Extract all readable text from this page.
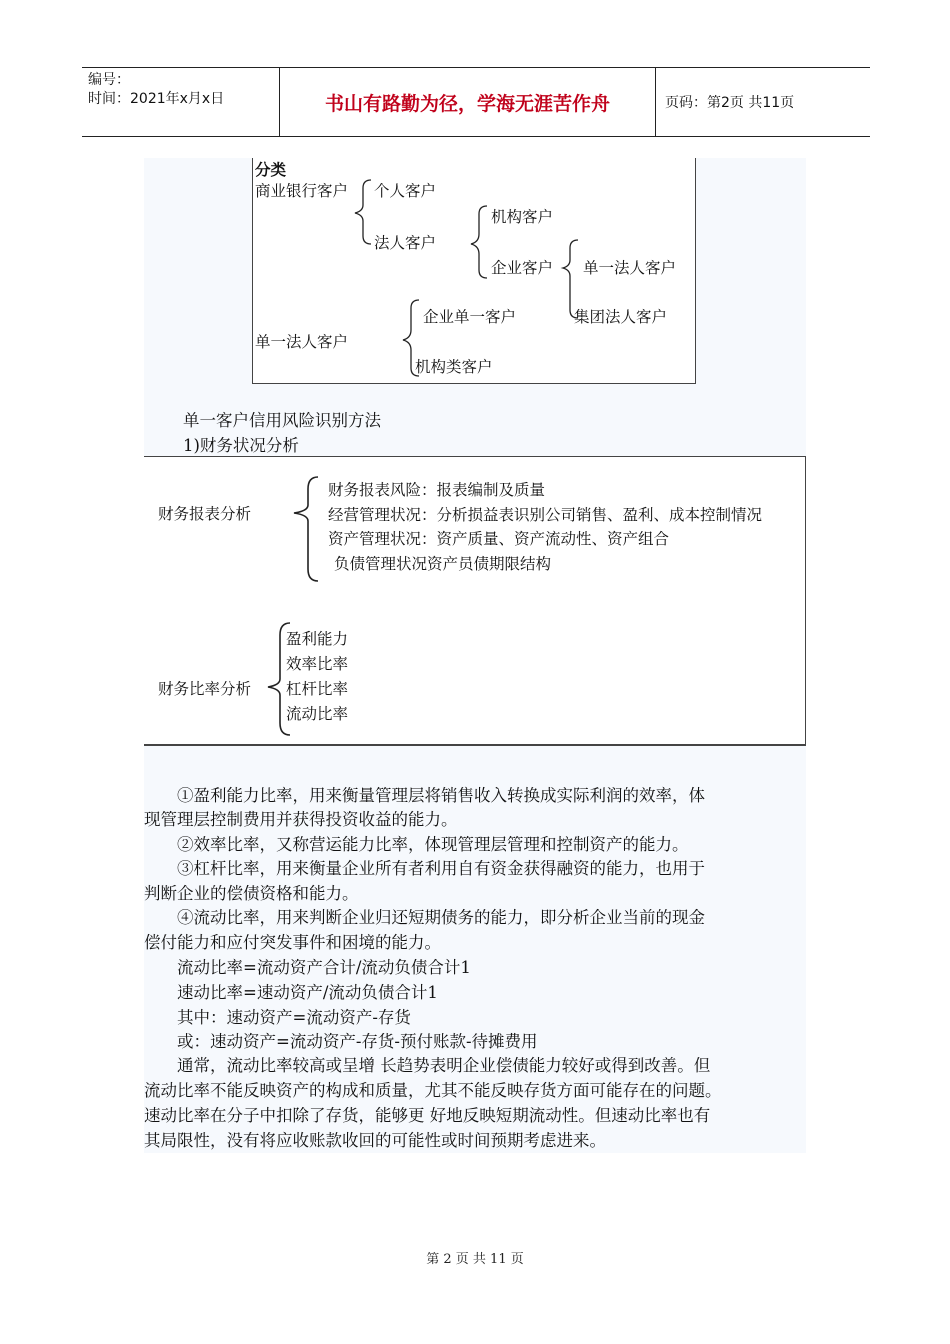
编号：
时间：2021年x月x日	书山有路勤为径，学海无涯苦作舟	页码：第2页 共11页
分类
商业银行客户 个人客户
法人客户
机构客户
企业客户 单一法人客户
集团法人客户
单一法人客户
企业单一客户
机构类客户
单一客户信用风险识别方法
1)财务状况分析
财务报表分析
财务报表风险：报表编制及质量
经营管理状况：分析损益表识别公司销售、盈利、成本控制情况
资产管理状况：资产质量、资产流动性、资产组合
负债管理状况资产员债期限结构
财务比率分析
盈利能力
效率比率
杠杆比率
流动比率
　　①盈利能力比率，用来衡量管理层将销售收入转换成实际利润的效率，体
现管理层控制费用并获得投资收益的能力。
　　②效率比率，又称营运能力比率，体现管理层管理和控制资产的能力。
　　③杠杆比率，用来衡量企业所有者利用自有资金获得融资的能力，也用于
判断企业的偿债资格和能力。
　　④流动比率，用来判断企业归还短期债务的能力，即分析企业当前的现金
偿付能力和应付突发事件和困境的能力。
　　流动比率=流动资产合计/流动负债合计1
　　速动比率=速动资产/流动负债合计1
　　其中：速动资产=流动资产-存货
　　或：速动资产=流动资产-存货-预付账款-待摊费用
　　通常，流动比率较高或呈增 长趋势表明企业偿债能力较好或得到改善。但
流动比率不能反映资产的构成和质量，尤其不能反映存货方面可能存在的问题。
速动比率在分子中扣除了存货，能够更 好地反映短期流动性。但速动比率也有
其局限性，没有将应收账款收回的可能性或时间预期考虑进来。
第 2 页 共 11 页
